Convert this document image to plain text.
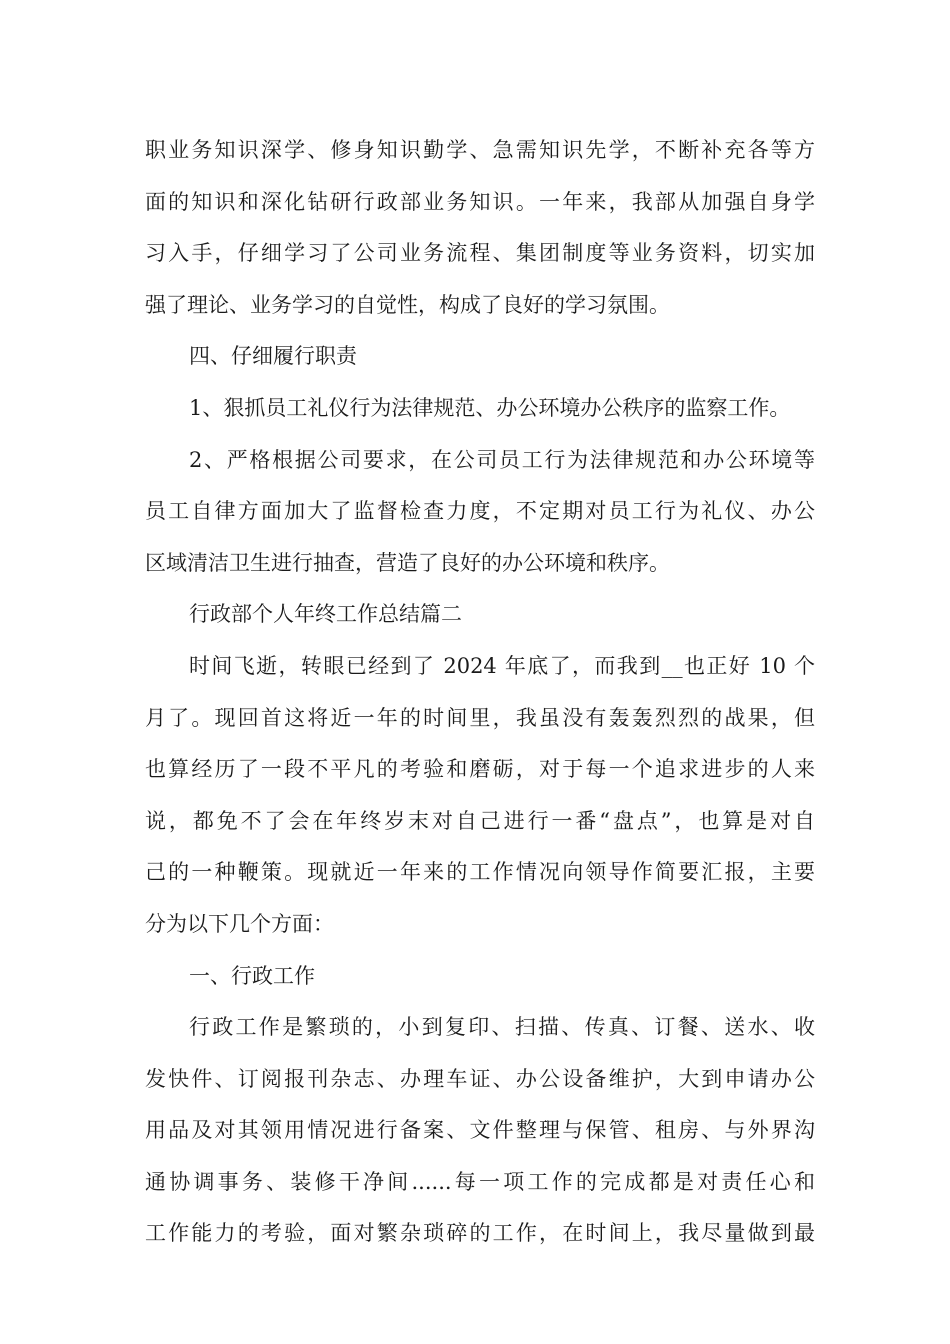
职业务知识深学、修身知识勤学、急需知识先学，不断补充各等方
面的知识和深化钻研行政部业务知识。一年来，我部从加强自身学
习入手，仔细学习了公司业务流程、集团制度等业务资料，切实加
强了理论、业务学习的自觉性，构成了良好的学习氛围。
四、仔细履行职责
1、狠抓员工礼仪行为法律规范、办公环境办公秩序的监察工作。
2、严格根据公司要求，在公司员工行为法律规范和办公环境等
员工自律方面加大了监督检查力度，不定期对员工行为礼仪、办公
区域清洁卫生进行抽查，营造了良好的办公环境和秩序。
行政部个人年终工作总结篇二
时间飞逝，转眼已经到了 2024 年底了，而我到__也正好 10 个
月了。现回首这将近一年的时间里，我虽没有轰轰烈烈的战果，但
也算经历了一段不平凡的考验和磨砺，对于每一个追求进步的人来
说，都免不了会在年终岁末对自己进行一番“盘点”，也算是对自
己的一种鞭策。现就近一年来的工作情况向领导作简要汇报，主要
分为以下几个方面：
一、行政工作
行政工作是繁琐的，小到复印、扫描、传真、订餐、送水、收
发快件、订阅报刊杂志、办理车证、办公设备维护，大到申请办公
用品及对其领用情况进行备案、文件整理与保管、租房、与外界沟
通协调事务、装修干净间......每一项工作的完成都是对责任心和
工作能力的考验，面对繁杂琐碎的工作，在时间上，我尽量做到最
